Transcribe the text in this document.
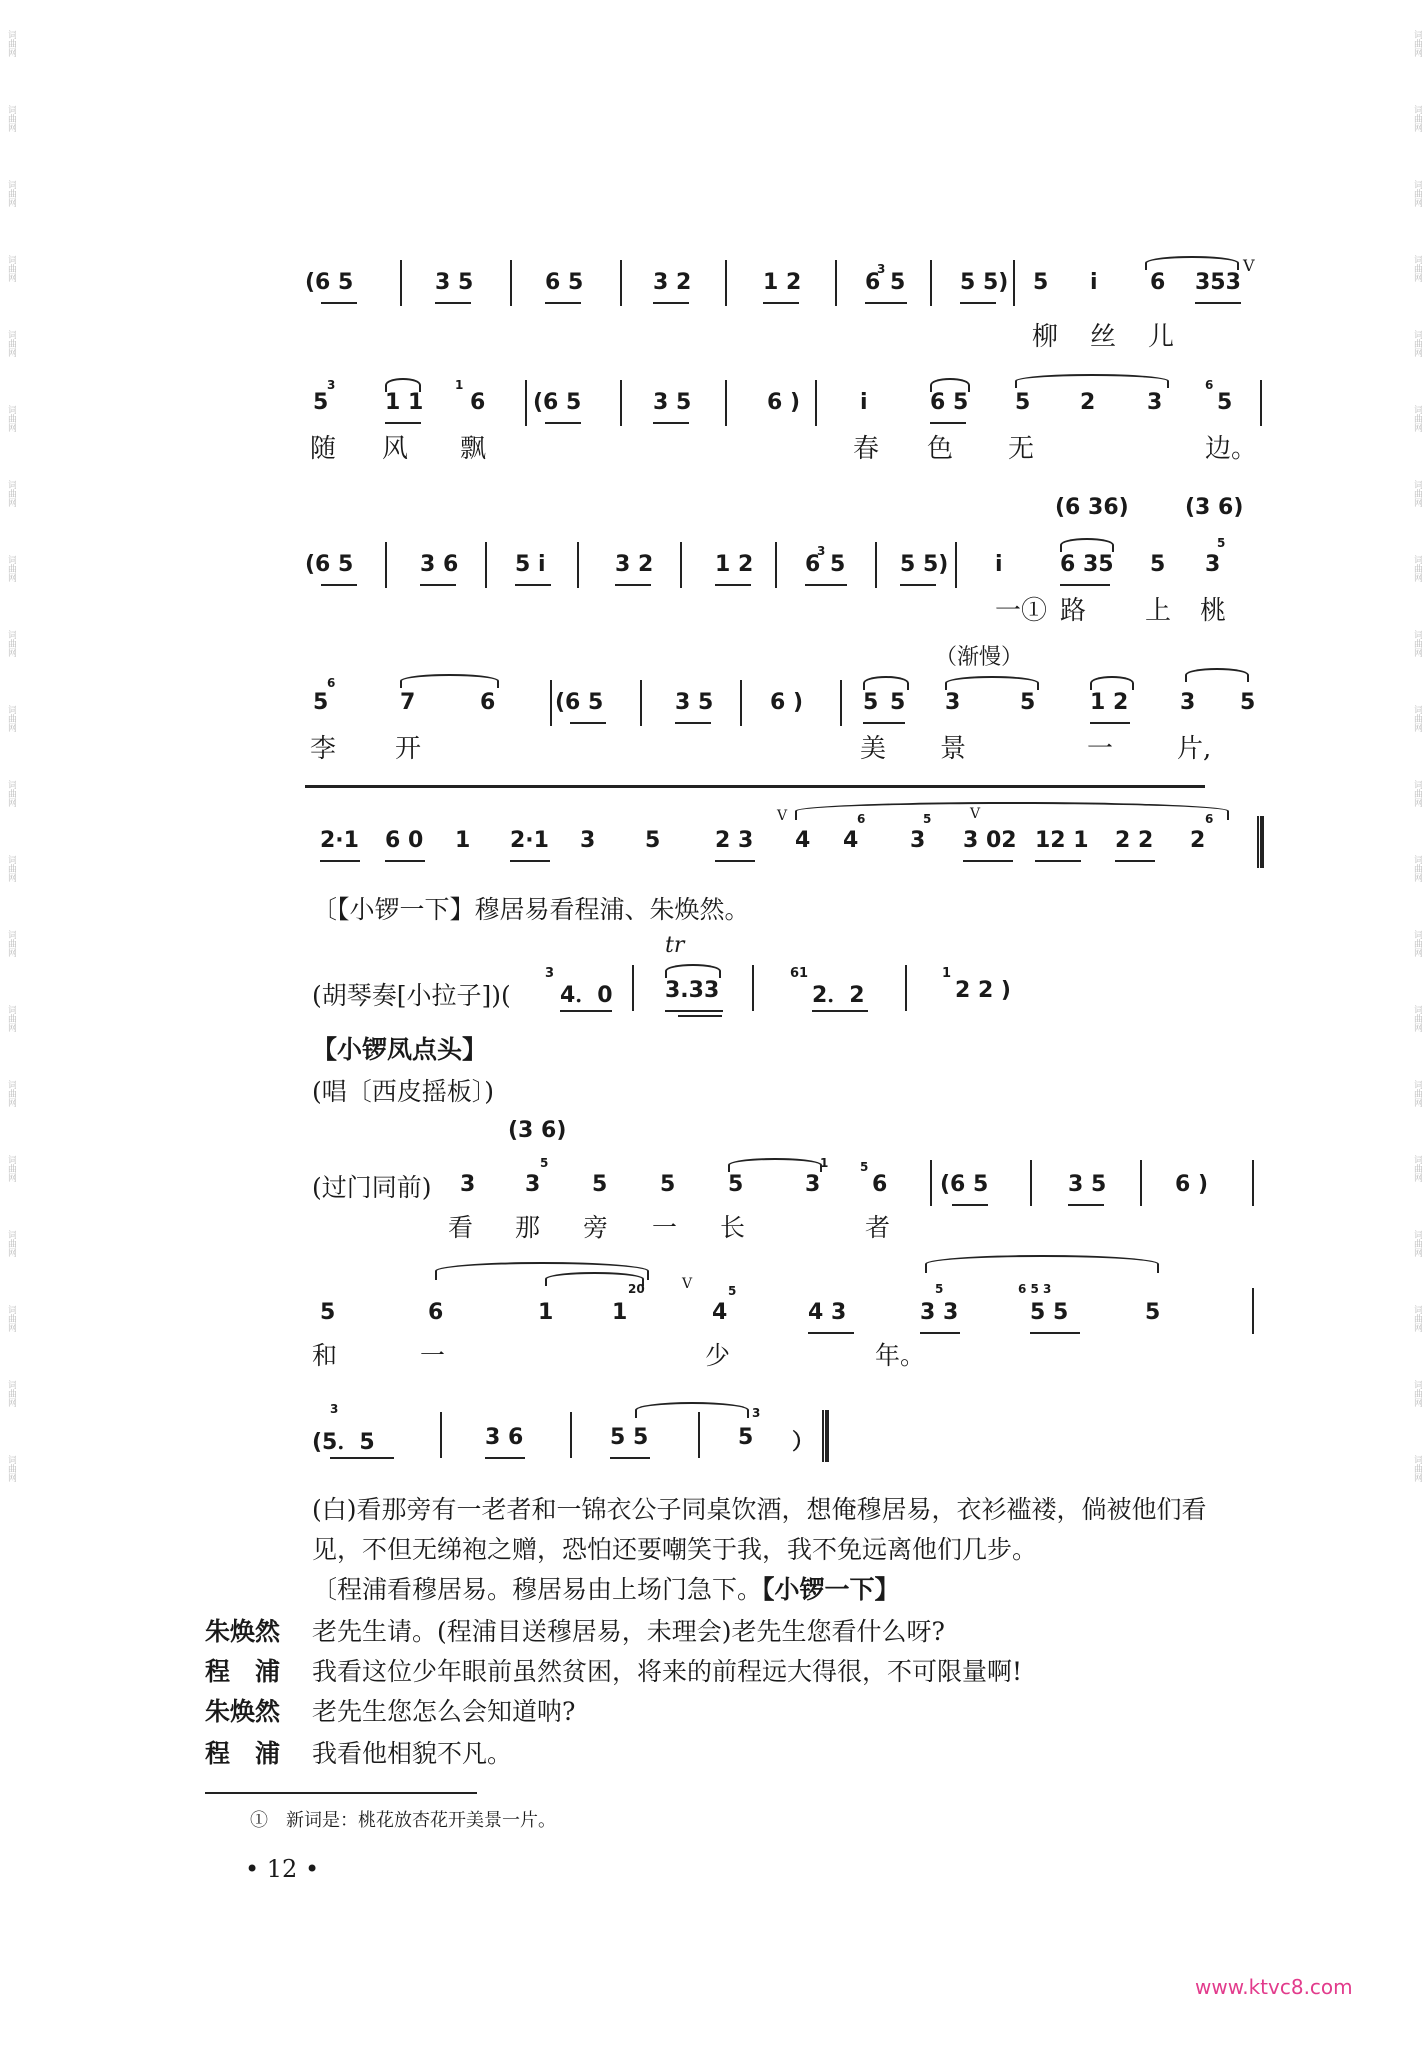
词曲网
词曲网
词曲网
词曲网
词曲网
词曲网
词曲网
词曲网
词曲网
词曲网
词曲网
词曲网
词曲网
词曲网
词曲网
词曲网
词曲网
词曲网
词曲网
词曲网
词曲网
词曲网
词曲网
词曲网
词曲网
词曲网
词曲网
词曲网
词曲网
词曲网
词曲网
词曲网
词曲网
词曲网
词曲网
词曲网
词曲网
词曲网
词曲网
词曲网
(6 5	3 5	6 5	3 2	1 2	6
3
5 5 5) 5 i 6 353
V
柳 丝 儿
5
3
1 1
1
6 (6 5	3 5	6 )	i	6 5 5 2 3
6
5
随 风 飘	春 色 无	边。
(6 36)	(3 6)
(6 5	3 6	5 i	3 2	1 2 6
3
5 5 5) i	6 35 5 3
5
一① 路 上 桃
（渐慢）
5
6
7	6	(6 5	3 5	6 )	5 5 3	5 1 2 3 5
李 开	美 景	一 片,
2·1 6 0 1 2·1 3 5 2 3
V
4 4
6
3
5	V
3 02 12 1 2 2 2
6
〔【小锣一下】穆居易看程浦、朱焕然。
(胡琴奏[小拉子])(
3
4．0
tr
3.33
61
2．2
1
2 2 )
【小锣凤点头】
(唱〔西皮摇板〕)
(3 6)
(过门同前) 3 3
5
5 5 5	3
1	5
6 (6 5	3 5	6 )
看 那 旁 一 长	者
5	6	1	1
20	V
4
5
4 3	3 3
5	6 5 3
5 5	5
和	一	少	年。
3
(5．5	3 6	5 5	5
3
）
(白)看那旁有一老者和一锦衣公子同桌饮酒，想俺穆居易，衣衫褴褛，倘被他们看
见，不但无绨袍之赠，恐怕还要嘲笑于我，我不免远离他们几步。
〔程浦看穆居易。穆居易由上场门急下。【小锣一下】
朱焕然 老先生请。(程浦目送穆居易，未理会)老先生您看什么呀?
程　浦 我看这位少年眼前虽然贫困，将来的前程远大得很，不可限量啊!
朱焕然 老先生您怎么会知道呐?
程　浦 我看他相貌不凡。
①　新词是：桃花放杏花开美景一片。
• 12 •
www.ktvc8.com
